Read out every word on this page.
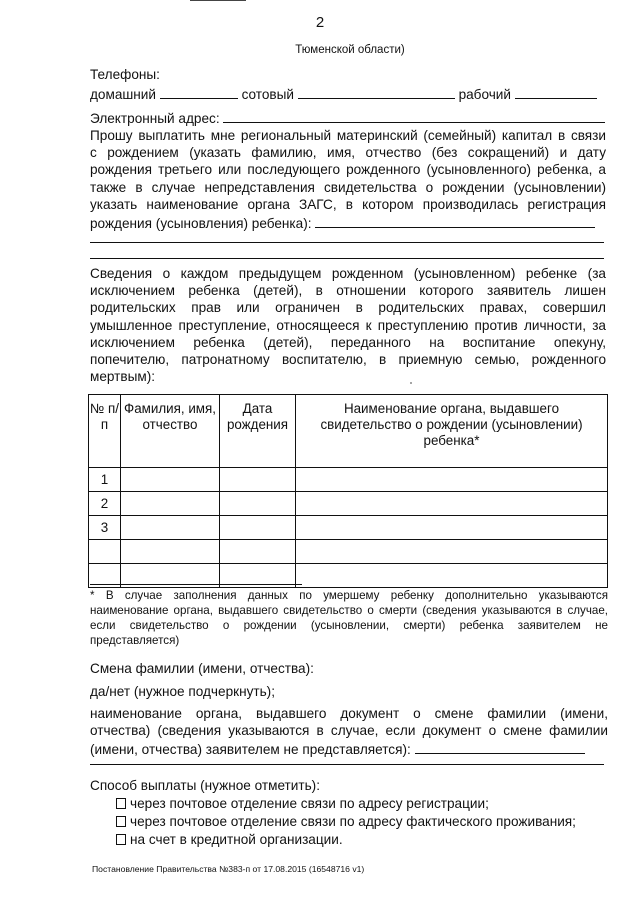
2
Тюменской области)
Телефоны:
домашний	сотовый	рабочий
Электронный адрес:
Прошу выплатить мне региональный материнский (семейный) капитал в связи
с рождением (указать фамилию, имя, отчество (без сокращений) и дату
рождения третьего или последующего рожденного (усыновленного) ребенка, а
также в случае непредставления свидетельства о рождении (усыновлении)
указать наименование органа ЗАГС, в котором производилась регистрация
рождения (усыновления) ребенка):
Сведения о каждом предыдущем рожденном (усыновленном) ребенке (за
исключением ребенка (детей), в отношении которого заявитель лишен
родительских прав или ограничен в родительских правах, совершил
умышленное преступление, относящееся к преступлению против личности, за
исключением ребенка (детей), переданного на воспитание опекуну,
попечителю, патронатному воспитателю, в приемную семью, рожденного
мертвым):
№ п/п	Фамилия, имя, отчество	Дата рождения	Наименование органа, выдавшего свидетельство о рождении (усыновлении) ребенка*
1			
2			
3			

* В случае заполнения данных по умершему ребенку дополнительно указываются
наименование органа, выдавшего свидетельство о смерти (сведения указываются в случае,
если свидетельство о рождении (усыновлении, смерти) ребенка заявителем не
представляется)
Смена фамилии (имени, отчества):
да/нет (нужное подчеркнуть);
наименование органа, выдавшего документ о смене фамилии (имени,
отчества) (сведения указываются в случае, если документ о смене фамилии
(имени, отчества) заявителем не представляется):
Способ выплаты (нужное отметить):
через почтовое отделение связи по адресу регистрации;
через почтовое отделение связи по адресу фактического проживания;
на счет в кредитной организации.
Постановление Правительства №383-п от 17.08.2015 (16548716 v1)
